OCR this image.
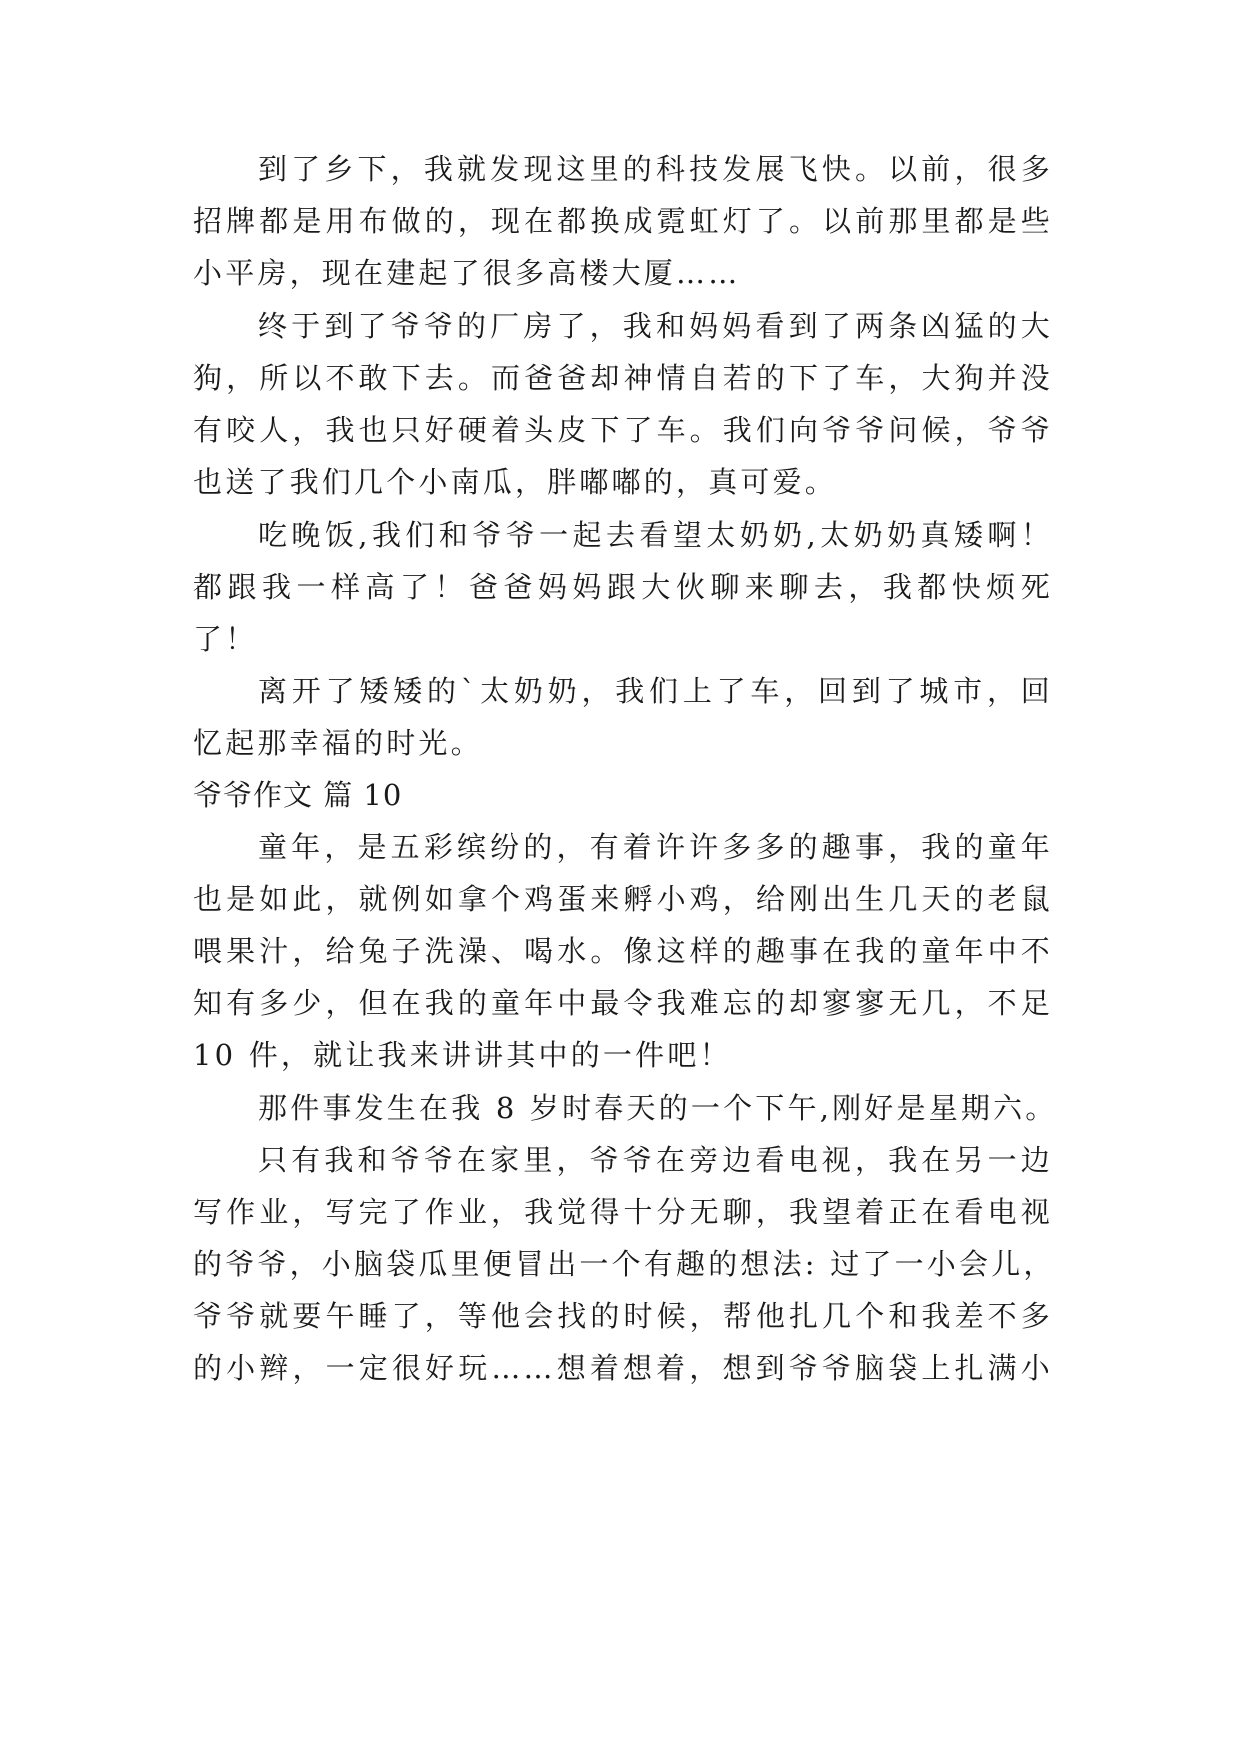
到了乡下，我就发现这里的科技发展飞快。以前，很多
招牌都是用布做的，现在都换成霓虹灯了。以前那里都是些
小平房，现在建起了很多高楼大厦……
终于到了爷爷的厂房了，我和妈妈看到了两条凶猛的大
狗，所以不敢下去。而爸爸却神情自若的下了车，大狗并没
有咬人，我也只好硬着头皮下了车。我们向爷爷问候，爷爷
也送了我们几个小南瓜，胖嘟嘟的，真可爱。
吃晚饭,我们和爷爷一起去看望太奶奶,太奶奶真矮啊！
都跟我一样高了！爸爸妈妈跟大伙聊来聊去，我都快烦死
了！
离开了矮矮的`太奶奶，我们上了车，回到了城市，回
忆起那幸福的时光。
爷爷作文 篇 10
童年，是五彩缤纷的，有着许许多多的趣事，我的童年
也是如此，就例如拿个鸡蛋来孵小鸡，给刚出生几天的老鼠
喂果汁，给兔子洗澡、喝水。像这样的趣事在我的童年中不
知有多少，但在我的童年中最令我难忘的却寥寥无几，不足
10 件，就让我来讲讲其中的一件吧！
那件事发生在我 8 岁时春天的一个下午,刚好是星期六。
只有我和爷爷在家里，爷爷在旁边看电视，我在另一边
写作业，写完了作业，我觉得十分无聊，我望着正在看电视
的爷爷，小脑袋瓜里便冒出一个有趣的想法: 过了一小会儿，
爷爷就要午睡了，等他会找的时候，帮他扎几个和我差不多
的小辫，一定很好玩……想着想着，想到爷爷脑袋上扎满小
